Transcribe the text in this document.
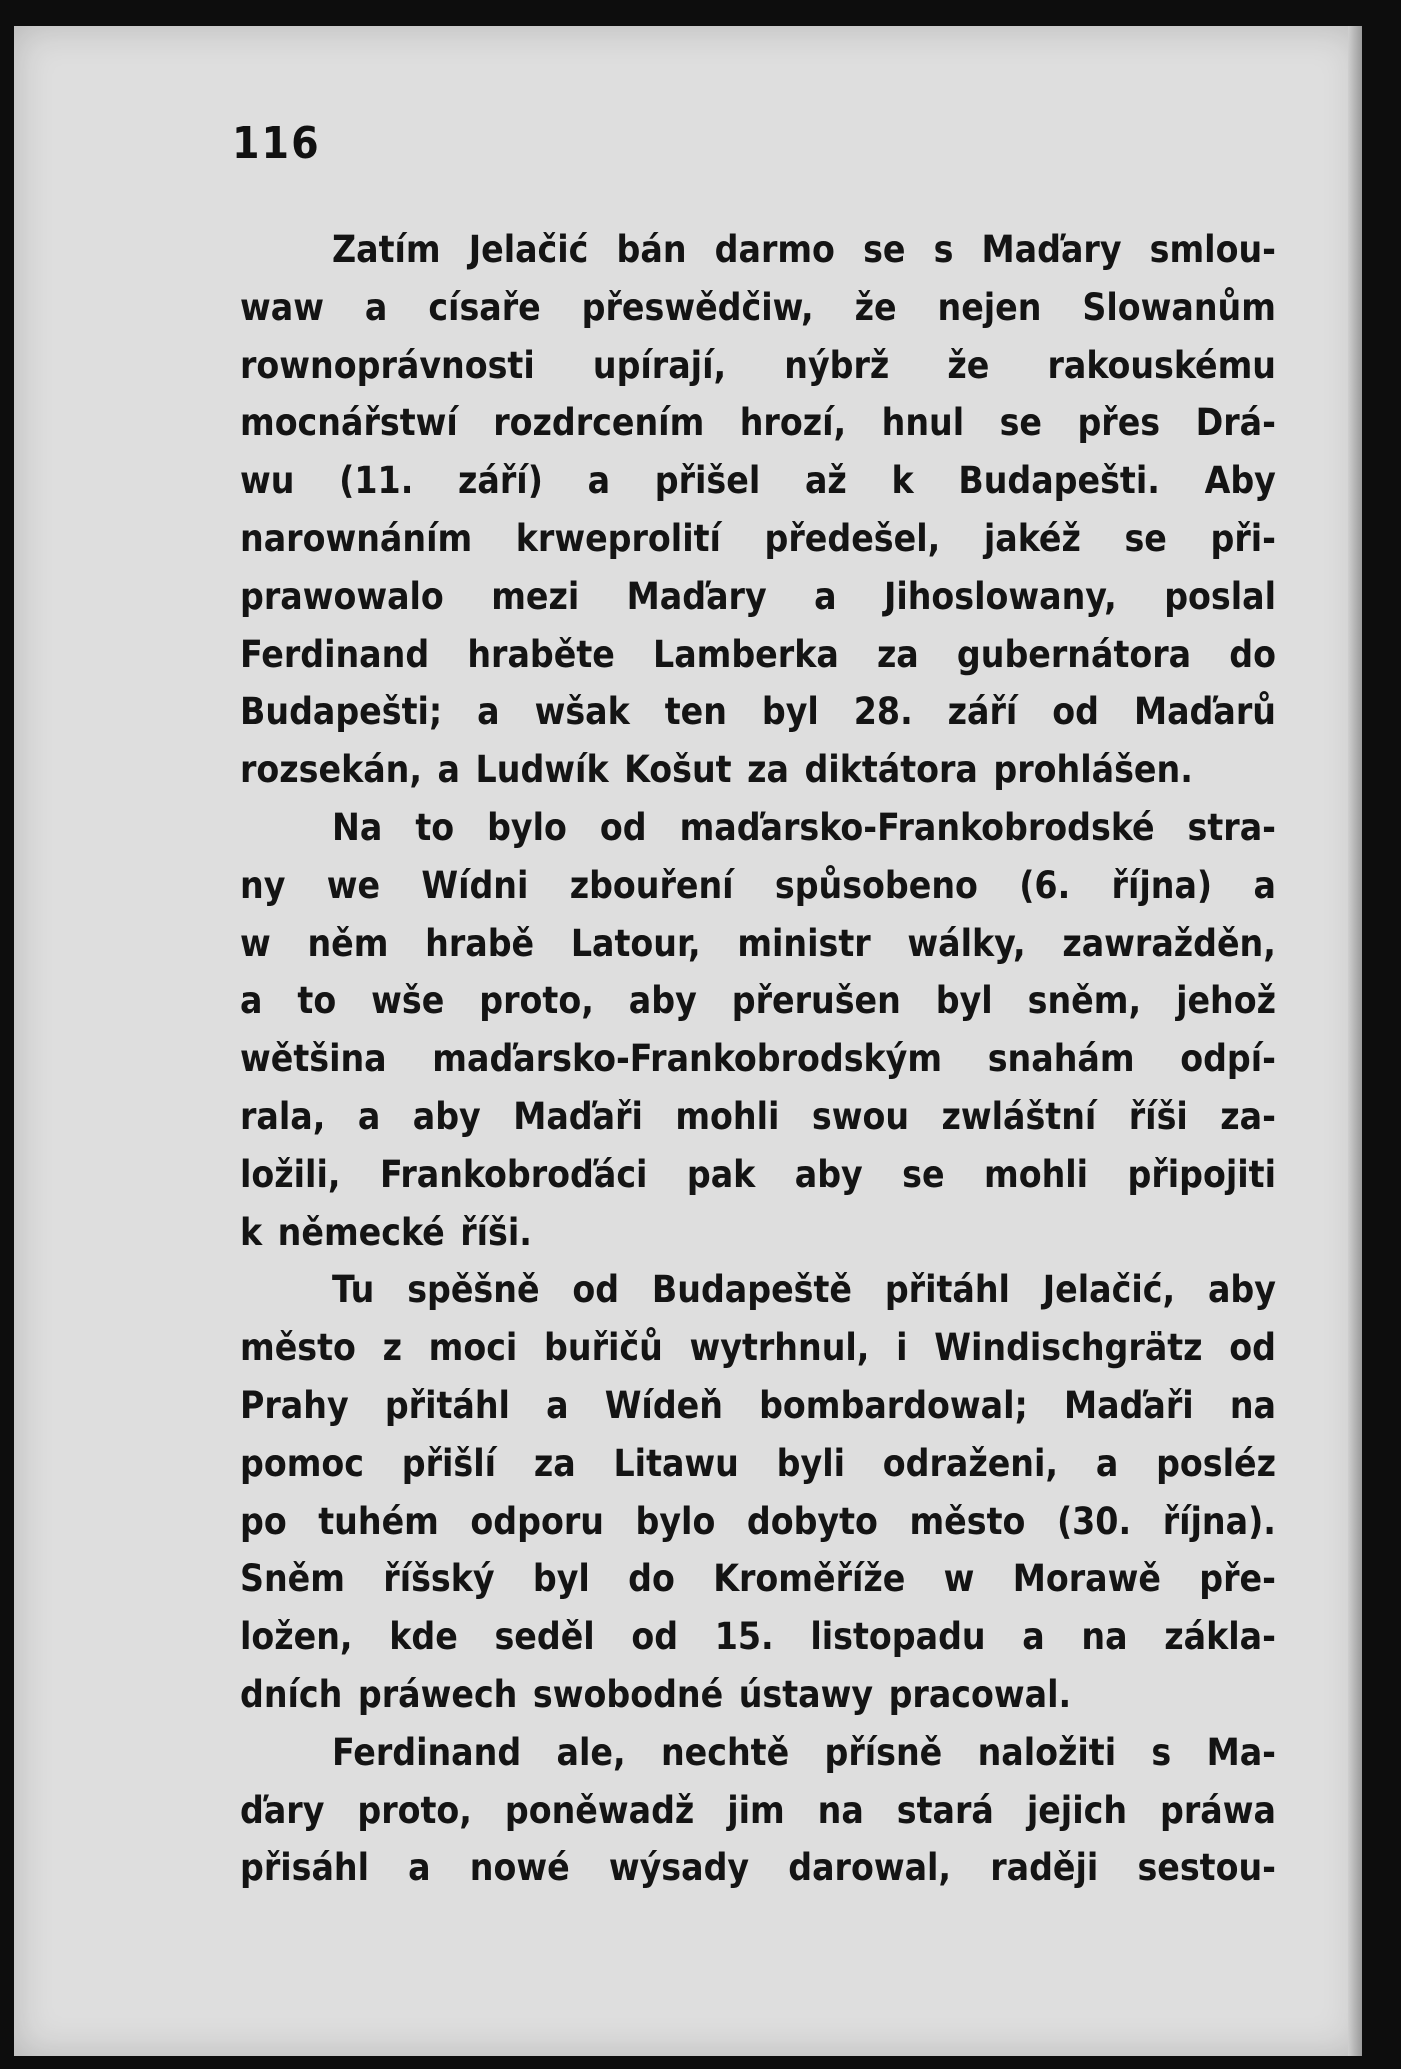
116
Zatím Jelačić bán darmo se s Maďary smlou-
waw a císaře přeswědčiw, že nejen Slowanům
rownoprávnosti upírají, nýbrž že rakouskému
mocnářstwí rozdrcením hrozí, hnul se přes Drá-
wu (11. září) a přišel až k Budapešti. Aby
narownáním krweprolití předešel, jakéž se při-
prawowalo mezi Maďary a Jihoslowany, poslal
Ferdinand hraběte Lamberka za gubernátora do
Budapešti; a wšak ten byl 28. září od Maďarů
rozsekán, a Ludwík Košut za diktátora prohlášen.
Na to bylo od maďarsko-Frankobrodské stra-
ny we Wídni zbouření spůsobeno (6. října) a
w něm hrabě Latour, ministr wálky, zawražděn,
a to wše proto, aby přerušen byl sněm, jehož
wětšina maďarsko-Frankobrodským snahám odpí-
rala, a aby Maďaři mohli swou zwláštní říši za-
ložili, Frankobroďáci pak aby se mohli připojiti
k německé říši.
Tu spěšně od Budapeště přitáhl Jelačić, aby
město z moci buřičů wytrhnul, i Windischgrätz od
Prahy přitáhl a Wídeň bombardowal; Maďaři na
pomoc přišlí za Litawu byli odraženi, a posléz
po tuhém odporu bylo dobyto město (30. října).
Sněm říšský byl do Kroměříže w Morawě pře-
ložen, kde seděl od 15. listopadu a na zákla-
dních práwech swobodné ústawy pracowal.
Ferdinand ale, nechtě přísně naložiti s Ma-
ďary proto, poněwadž jim na stará jejich práwa
přisáhl a nowé wýsady darowal, raději sestou-
